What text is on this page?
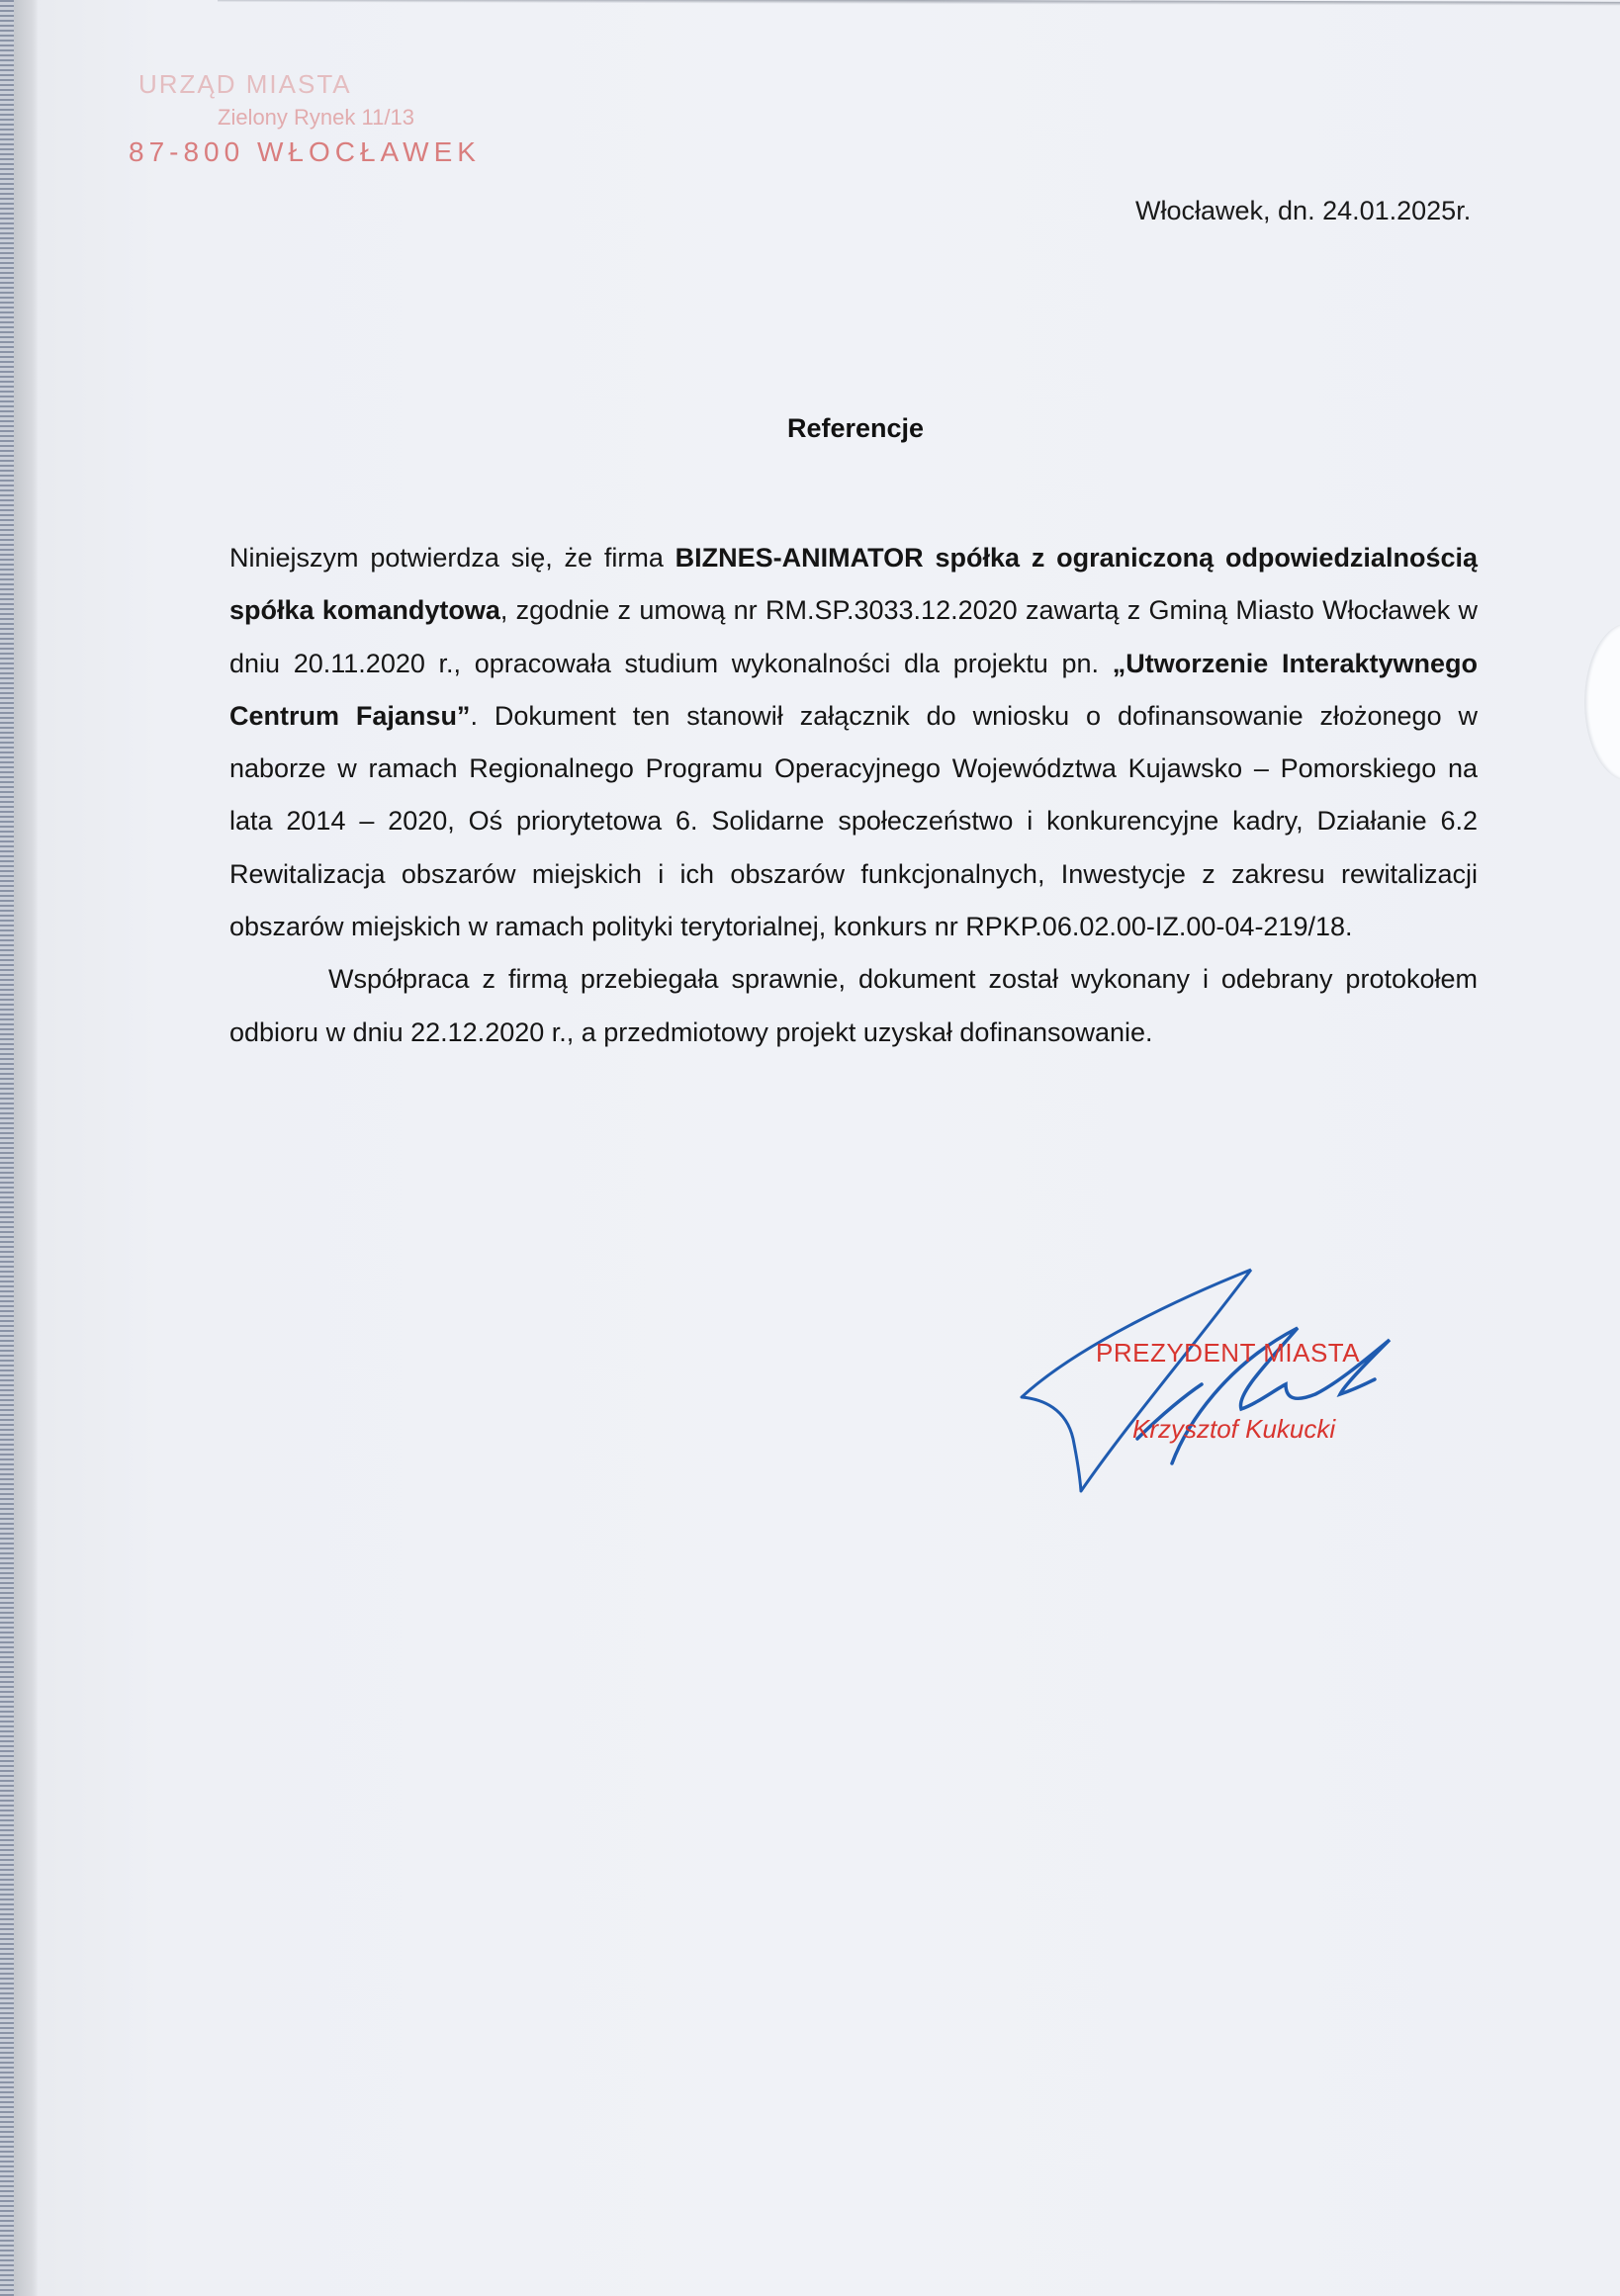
URZĄD MIASTA
Zielony Rynek 11/13
87-800 WŁOCŁAWEK
Włocławek, dn. 24.01.2025r.
Referencje

Niniejszym potwierdza się, że firma BIZNES-ANIMATOR spółka z ograniczoną odpowiedzialnością spółka komandytowa, zgodnie z umową nr RM.SP.3033.12.2020 zawartą z Gminą Miasto Włocławek w dniu 20.11.2020 r., opracowała studium wykonalności dla projektu pn. „Utworzenie Interaktywnego Centrum Fajansu”. Dokument ten stanowił załącznik do wniosku o dofinansowanie złożonego w naborze w ramach Regionalnego Programu Operacyjnego Województwa Kujawsko – Pomorskiego na lata 2014 – 2020, Oś priorytetowa 6. Solidarne społeczeństwo i konkurencyjne kadry, Działanie 6.2 Rewitalizacja obszarów miejskich i ich obszarów funkcjonalnych, Inwestycje z zakresu rewitalizacji obszarów miejskich w ramach polityki terytorialnej, konkurs nr RPKP.06.02.00-IZ.00-04-219/18.

Współpraca z firmą przebiegała sprawnie, dokument został wykonany i odebrany protokołem odbioru w dniu 22.12.2020 r., a przedmiotowy projekt uzyskał dofinansowanie.

PREZYDENT MIASTA
Krzysztof Kukucki
